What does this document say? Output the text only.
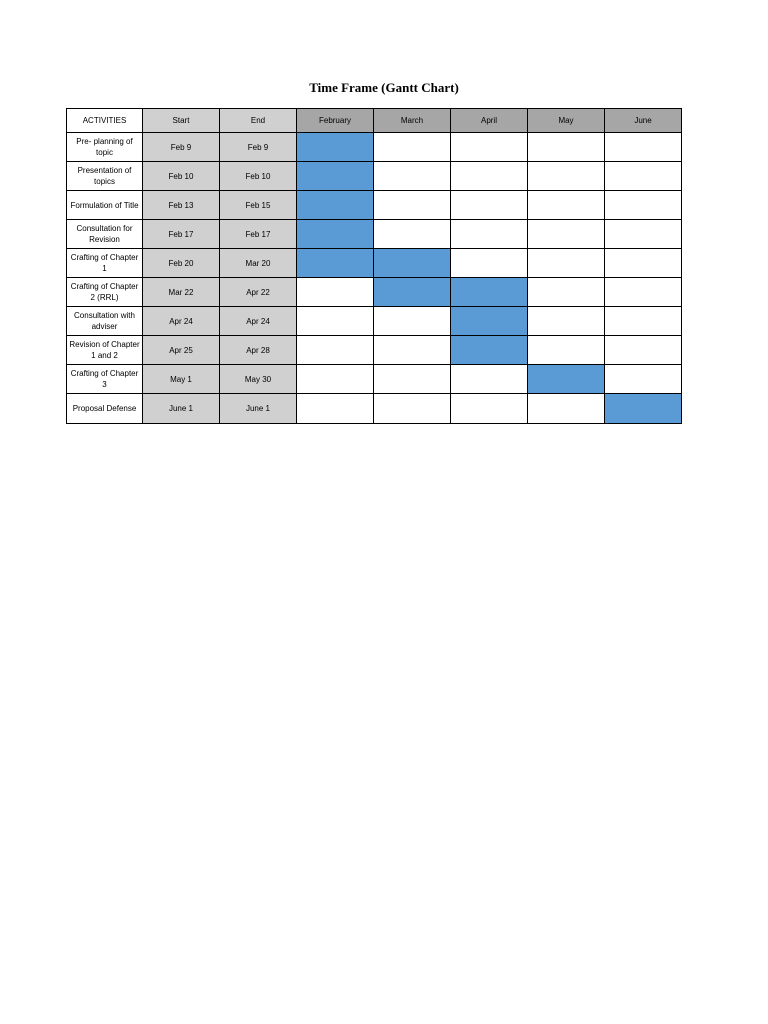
Time Frame (Gantt Chart)
ACTIVITIES	Start	End	February	March	April	May	June
Pre- planning of topic	Feb 9	Feb 9					
Presentation of topics	Feb 10	Feb 10					
Formulation of Title	Feb 13	Feb 15					
Consultation for Revision	Feb 17	Feb 17					
Crafting of Chapter 1	Feb 20	Mar 20					
Crafting of Chapter 2 (RRL)	Mar 22	Apr 22					
Consultation with adviser	Apr 24	Apr 24					
Revision of Chapter 1 and 2	Apr 25	Apr 28					
Crafting of Chapter 3	May 1	May 30					
Proposal Defense	June 1	June 1					
